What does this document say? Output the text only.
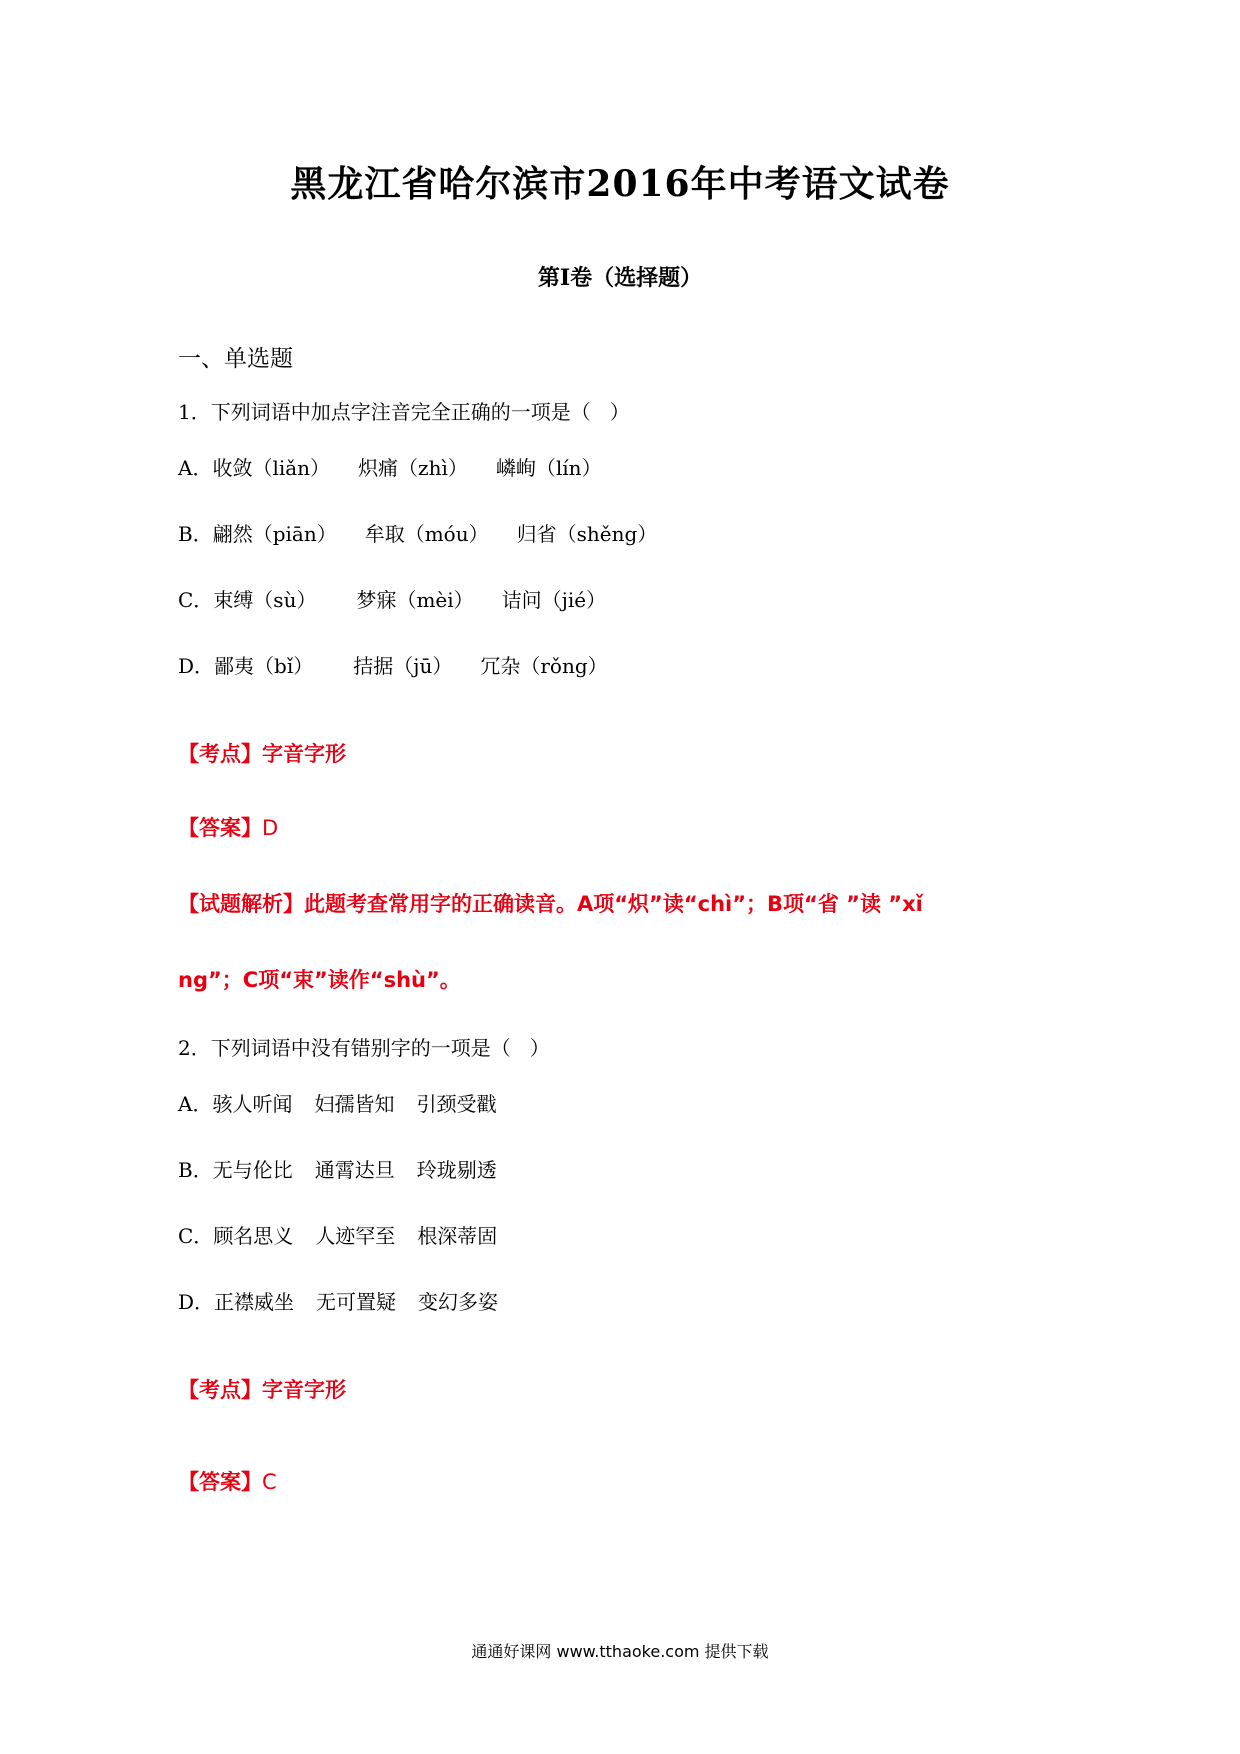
黑龙江省哈尔滨市2016年中考语文试卷
第I卷（选择题）
一、单选题
1．下列词语中加点字注音完全正确的一项是（   ）
A．收敛（liǎn） 炽痛（zhì） 嶙峋（lín）
B．翩然（piān） 牟取（móu） 归省（shěng）
C．束缚（sù） 梦寐（mèi） 诘问（jié）
D．鄙夷（bǐ） 拮据（jū） 冗杂（rǒng）
【考点】字音字形
【答案】D
【试题解析】此题考查常用字的正确读音。A项“炽”读“chì”；B项“省 ”读 ”xǐ
ng”；C项“束”读作“shù”。
2．下列词语中没有错别字的一项是（   ）
A．骇人听闻 妇孺皆知 引颈受戳
B．无与伦比 通霄达旦 玲珑剔透
C．顾名思义 人迹罕至 根深蒂固
D．正襟威坐 无可置疑 变幻多姿
【考点】字音字形
【答案】C
通通好课网 www.tthaoke.com 提供下载
